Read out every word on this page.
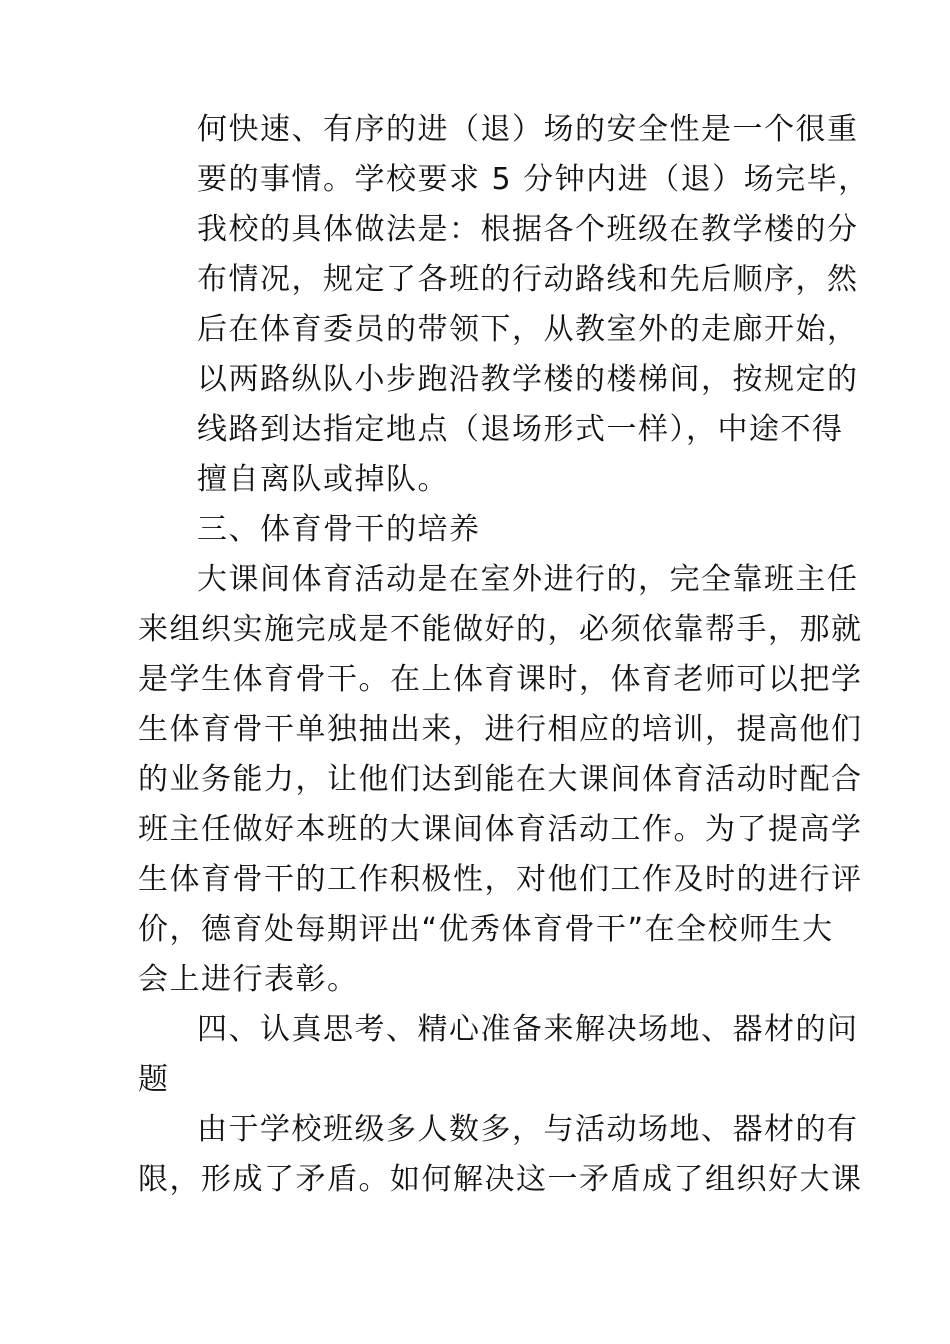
何快速、有序的进（退）场的安全性是一个很重
要的事情。学校要求 5 分钟内进（退）场完毕，
我校的具体做法是：根据各个班级在教学楼的分
布情况，规定了各班的行动路线和先后顺序，然
后在体育委员的带领下，从教室外的走廊开始，
以两路纵队小步跑沿教学楼的楼梯间，按规定的
线路到达指定地点（退场形式一样），中途不得
擅自离队或掉队。
三、体育骨干的培养
大课间体育活动是在室外进行的，完全靠班主任
来组织实施完成是不能做好的，必须依靠帮手，那就
是学生体育骨干。在上体育课时，体育老师可以把学
生体育骨干单独抽出来，进行相应的培训，提高他们
的业务能力，让他们达到能在大课间体育活动时配合
班主任做好本班的大课间体育活动工作。为了提高学
生体育骨干的工作积极性，对他们工作及时的进行评
价，德育处每期评出“优秀体育骨干”在全校师生大
会上进行表彰。
四、认真思考、精心准备来解决场地、器材的问
题
由于学校班级多人数多，与活动场地、器材的有
限，形成了矛盾。如何解决这一矛盾成了组织好大课
